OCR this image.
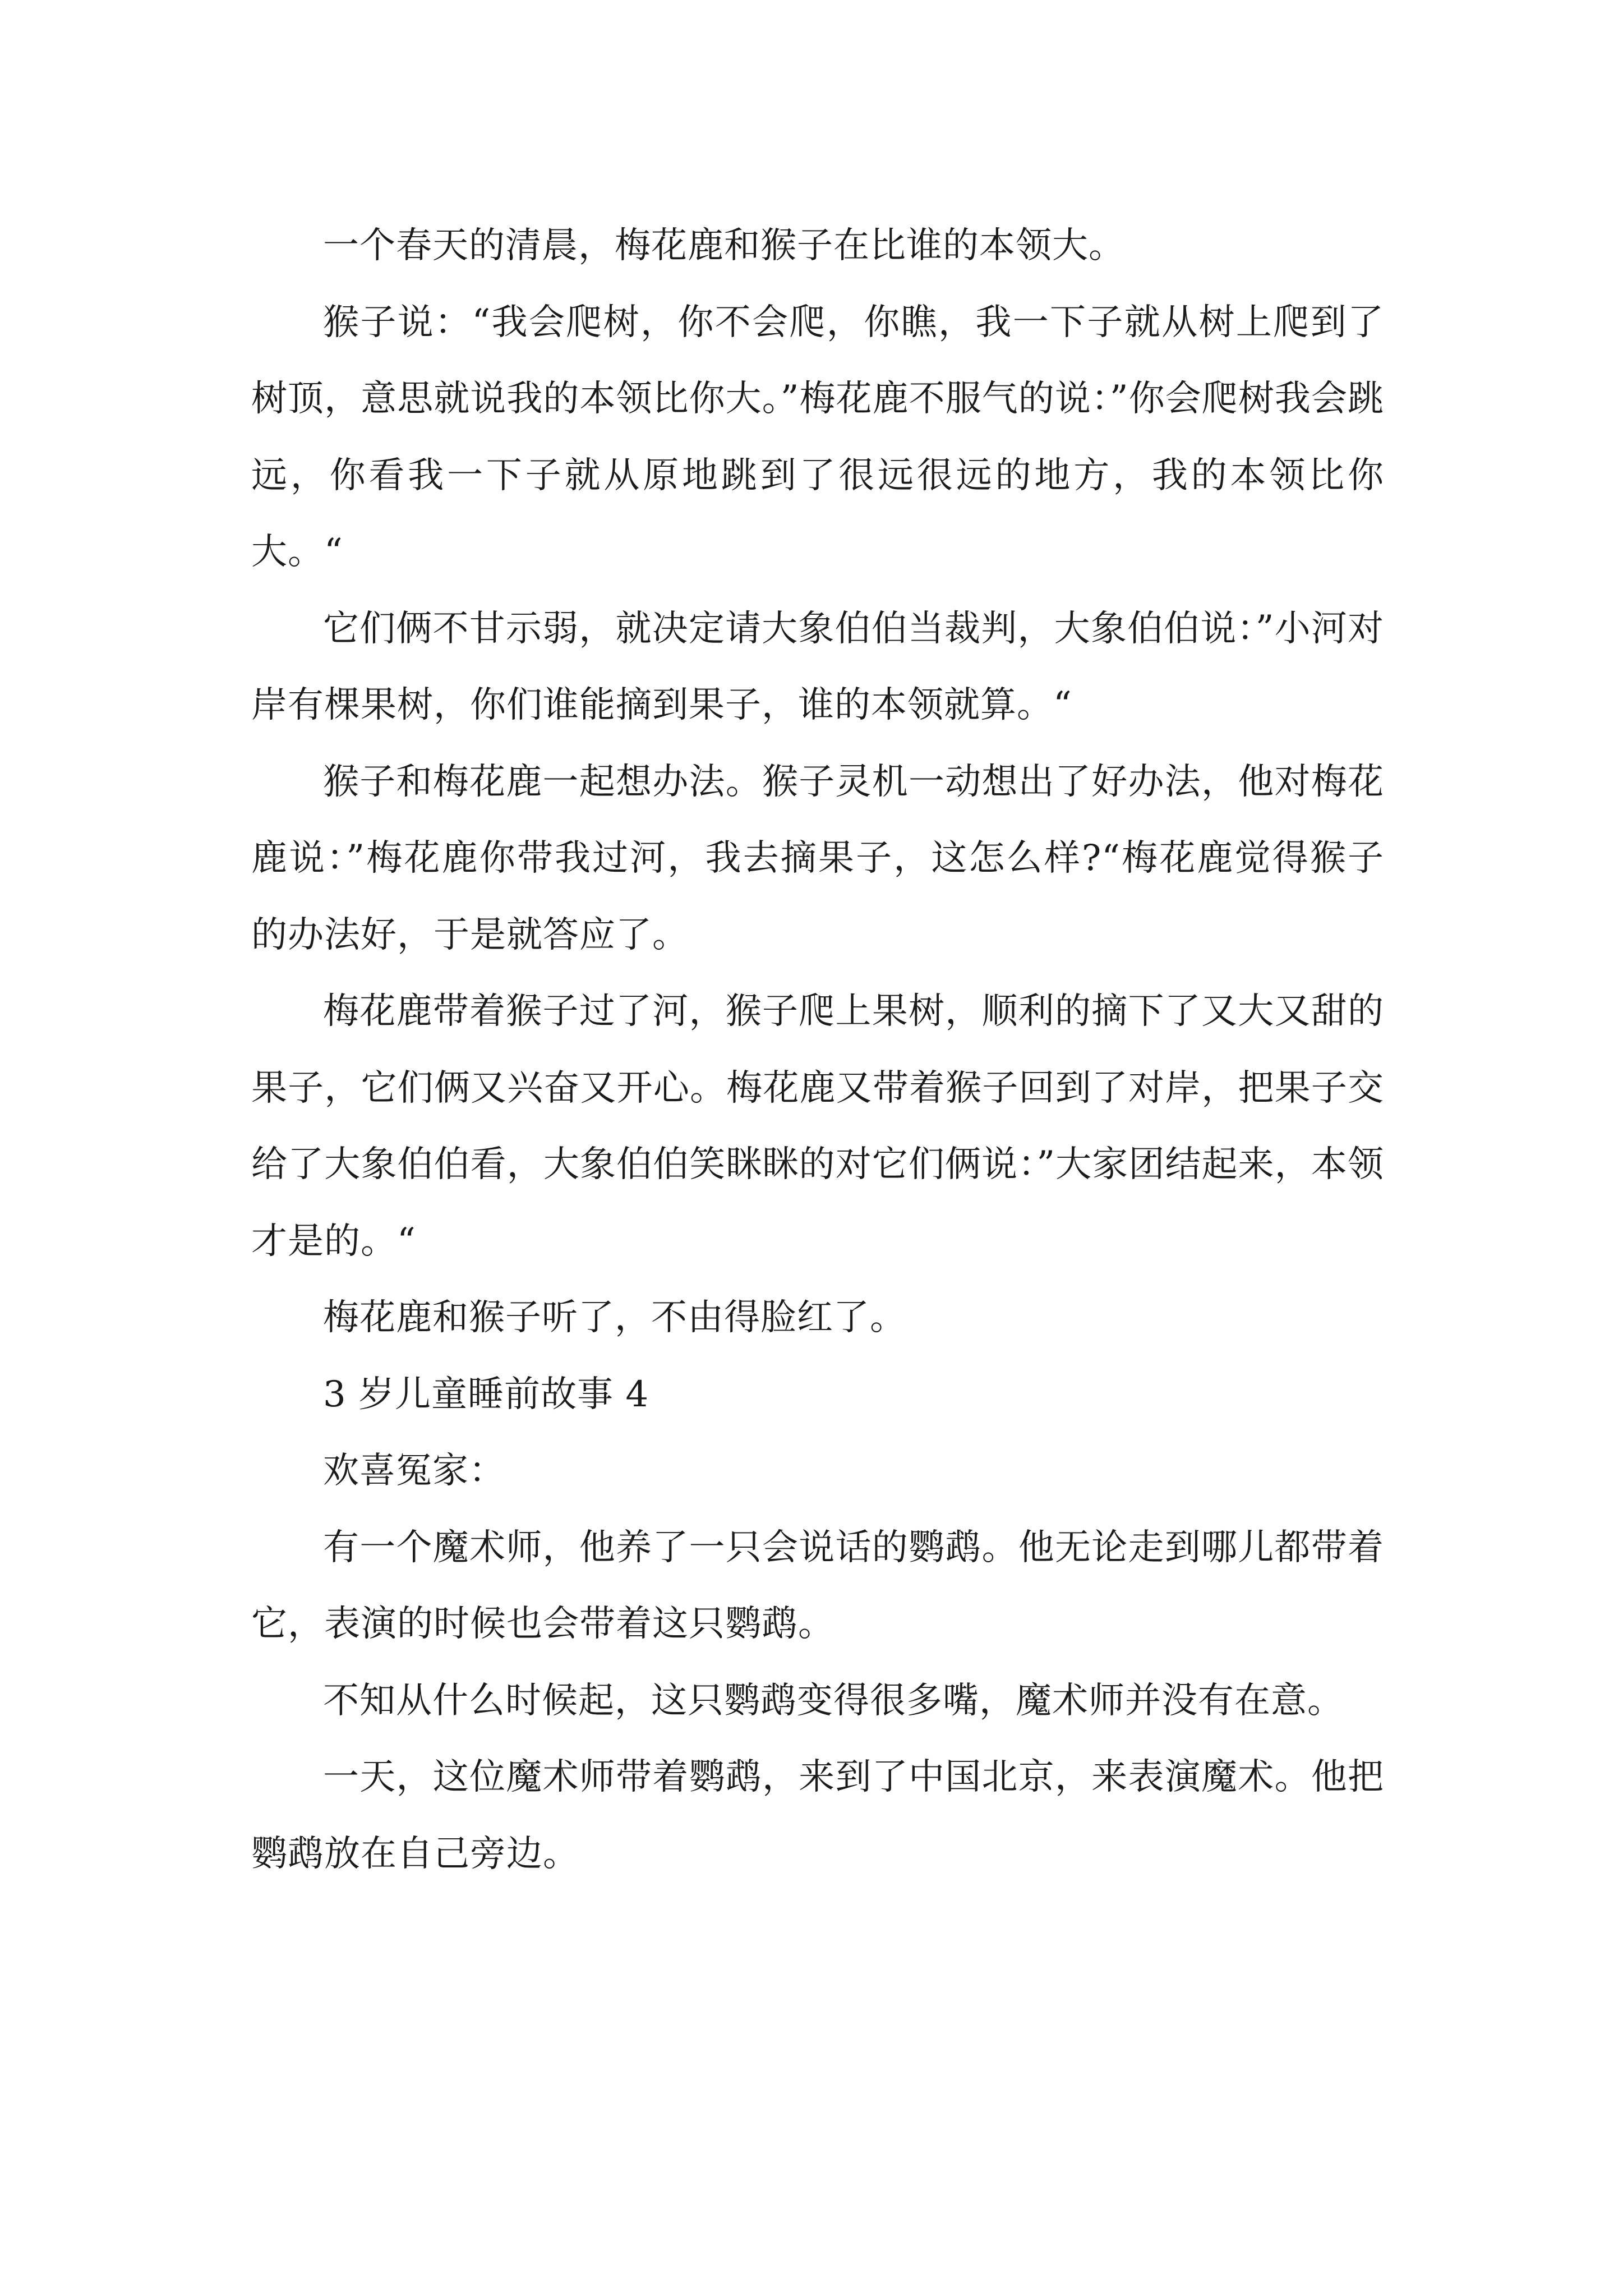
一个春天的清晨，梅花鹿和猴子在比谁的本领大。

猴子说：“我会爬树，你不会爬，你瞧，我一下子就从树上爬到了树顶，意思就说我的本领比你大。”梅花鹿不服气的说：”你会爬树我会跳远，你看我一下子就从原地跳到了很远很远的地方，我的本领比你大。“

它们俩不甘示弱，就决定请大象伯伯当裁判，大象伯伯说：”小河对岸有棵果树，你们谁能摘到果子，谁的本领就算。“

猴子和梅花鹿一起想办法。猴子灵机一动想出了好办法，他对梅花鹿说：”梅花鹿你带我过河，我去摘果子，这怎么样?“梅花鹿觉得猴子的办法好，于是就答应了。

梅花鹿带着猴子过了河，猴子爬上果树，顺利的摘下了又大又甜的果子，它们俩又兴奋又开心。梅花鹿又带着猴子回到了对岸，把果子交给了大象伯伯看，大象伯伯笑眯眯的对它们俩说：”大家团结起来，本领才是的。“

梅花鹿和猴子听了，不由得脸红了。

3 岁儿童睡前故事 4

欢喜冤家：

有一个魔术师，他养了一只会说话的鹦鹉。他无论走到哪儿都带着它，表演的时候也会带着这只鹦鹉。

不知从什么时候起，这只鹦鹉变得很多嘴，魔术师并没有在意。

一天，这位魔术师带着鹦鹉，来到了中国北京，来表演魔术。他把鹦鹉放在自己旁边。
